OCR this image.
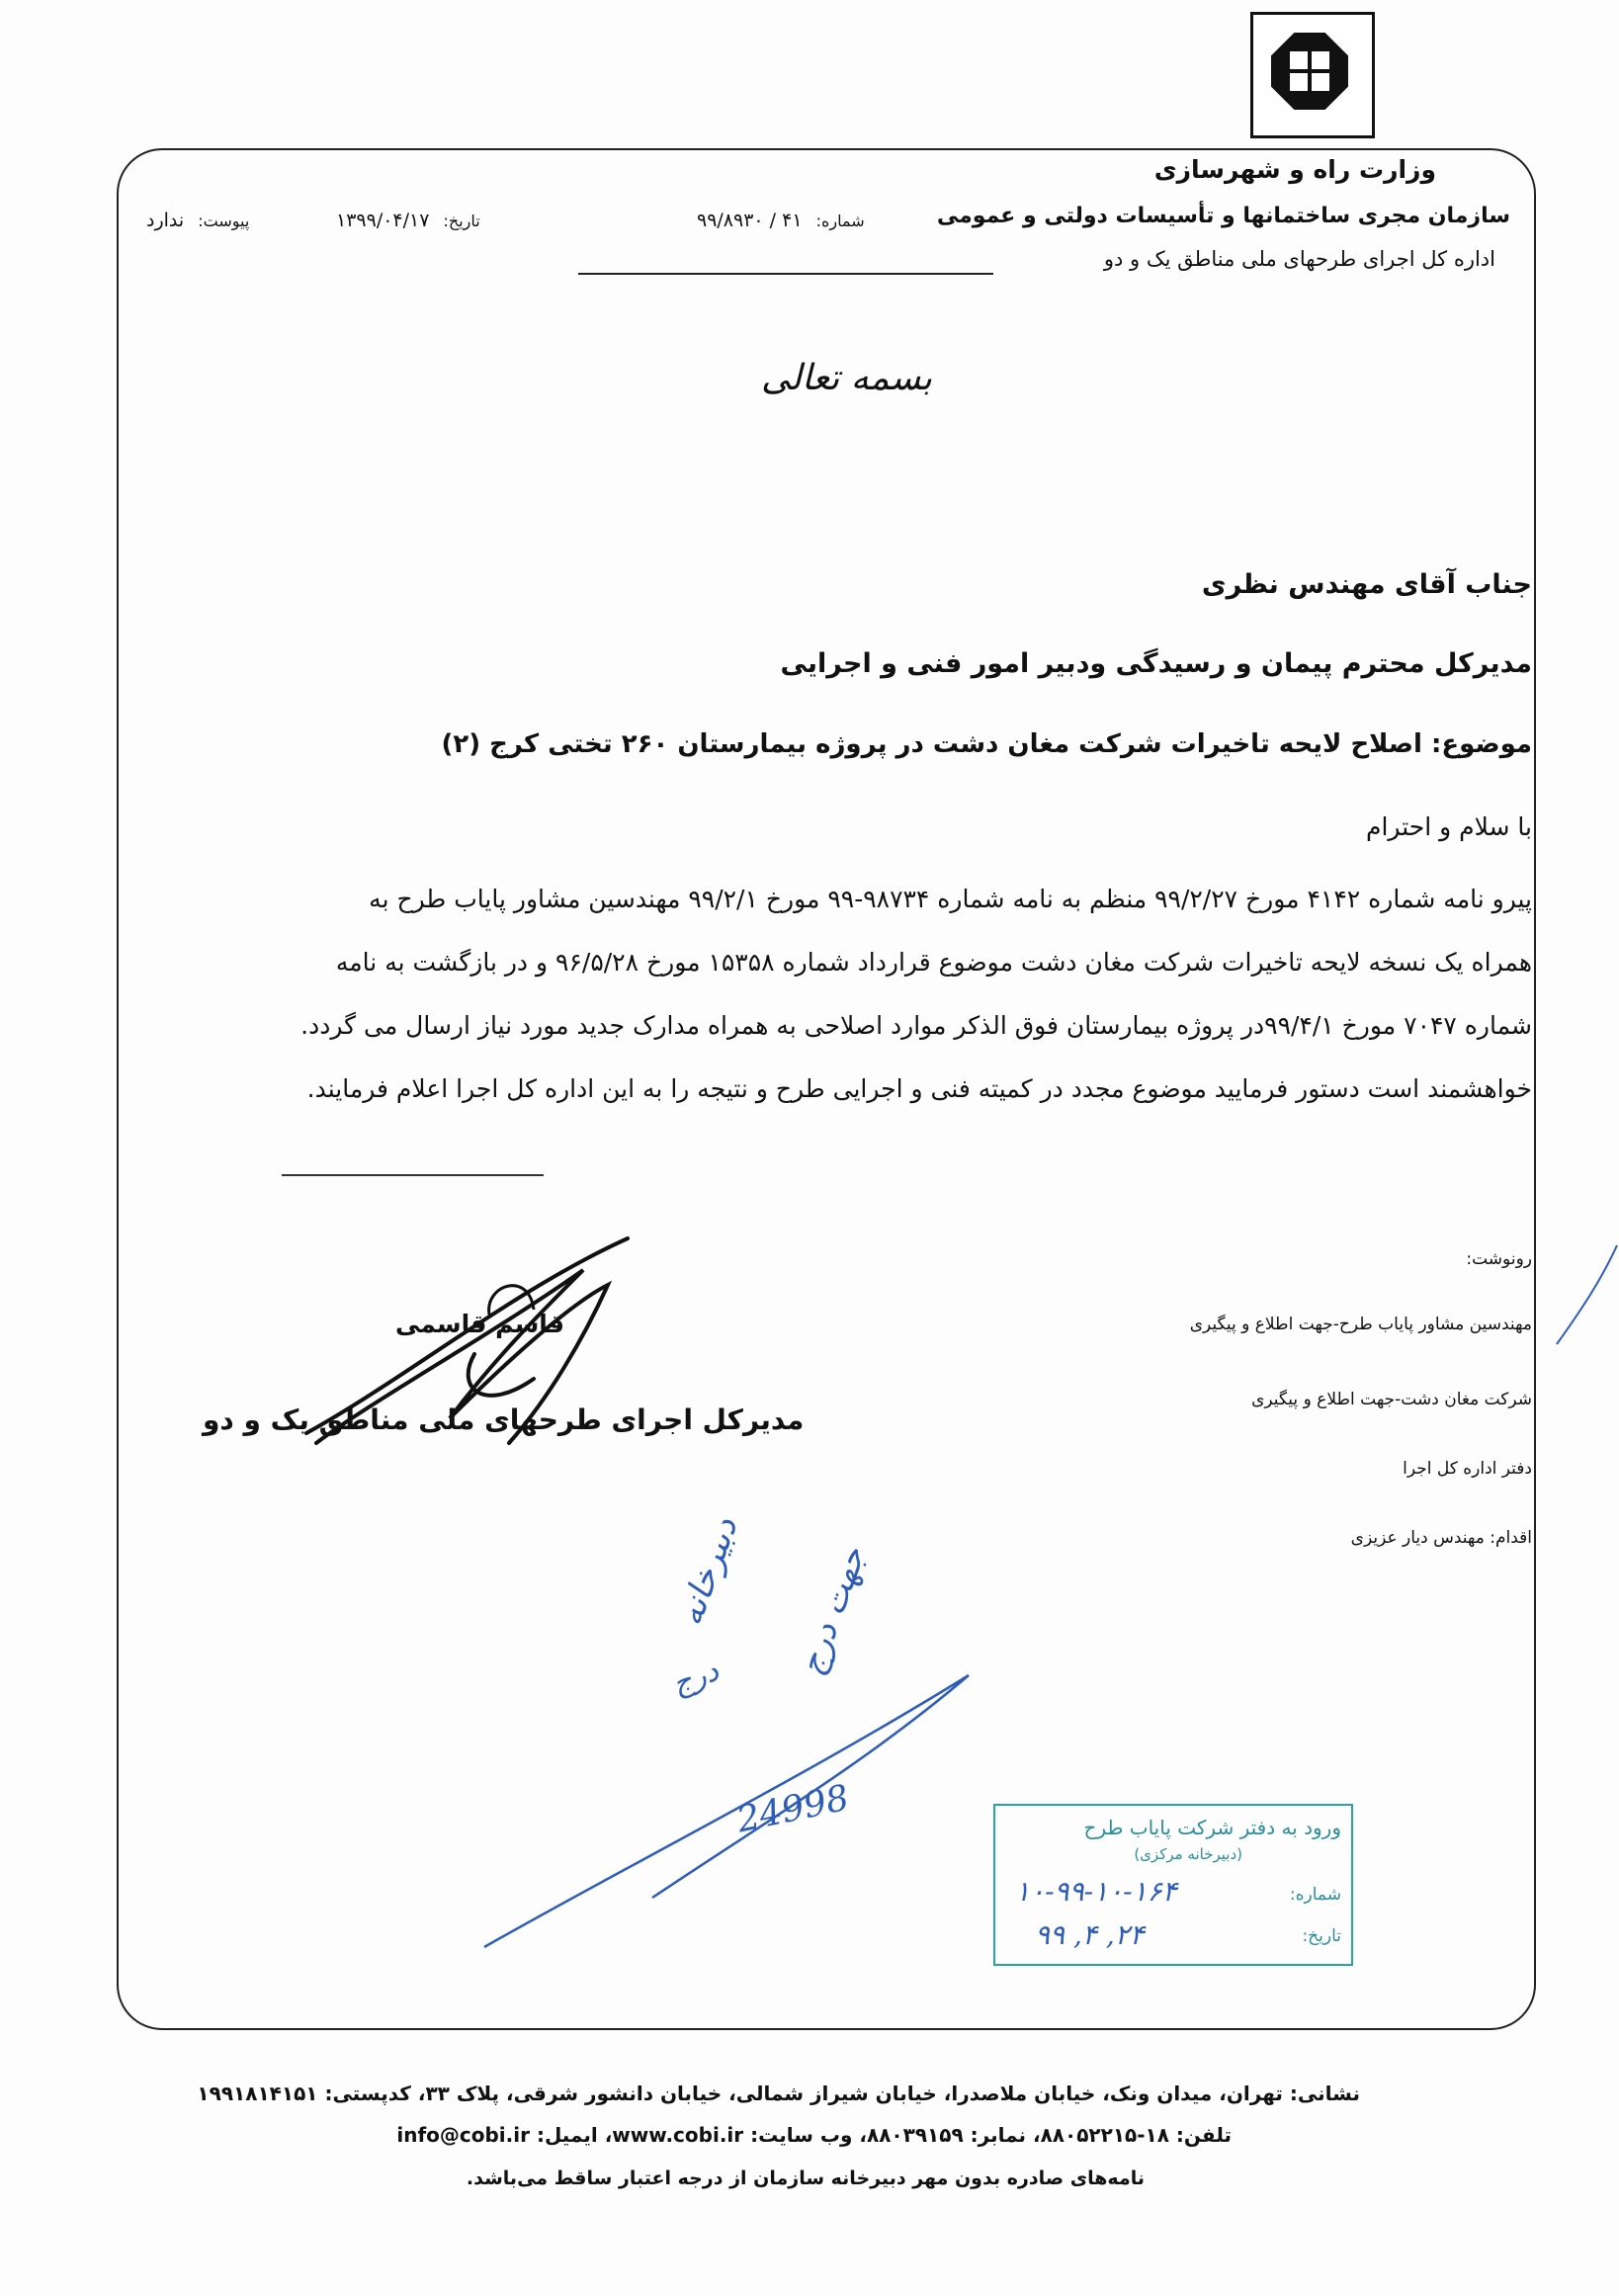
وزارت راه و شهرسازی
سازمان مجری ساختمانها و تأسیسات دولتی و عمومی
اداره کل اجرای طرحهای ملی مناطق یک و دو
شماره: ۴۱ / ۹۹/۸۹۳۰
تاریخ: ۱۳۹۹/۰۴/۱۷
پیوست: ندارد
بسمه تعالی
جناب آقای مهندس نظری
مدیرکل محترم پیمان و رسیدگی ودبیر امور فنی و اجرایی
موضوع: اصلاح لایحه تاخیرات شرکت مغان دشت در پروژه بیمارستان ۲۶۰ تختی کرج (۲)
با سلام و احترام
پیرو نامه شماره ۴۱۴۲ مورخ ۹۹/۲/۲۷ منظم به نامه شماره ۹۸۷۳۴-۹۹ مورخ ۹۹/۲/۱ مهندسین مشاور پایاب طرح به
همراه یک نسخه لایحه تاخیرات شرکت مغان دشت موضوع قرارداد شماره ۱۵۳۵۸ مورخ ۹۶/۵/۲۸ و در بازگشت به نامه
شماره ۷۰۴۷ مورخ ۹۹/۴/۱در پروژه بیمارستان فوق الذکر موارد اصلاحی به همراه مدارک جدید مورد نیاز ارسال می گردد.
خواهشمند است دستور فرمایید موضوع مجدد در کمیته فنی و اجرایی طرح و نتیجه را به این اداره کل اجرا اعلام فرمایند.
رونوشت:
مهندسین مشاور پایاب طرح-جهت اطلاع و پیگیری
شرکت مغان دشت-جهت اطلاع و پیگیری
دفتر اداره کل اجرا
اقدام: مهندس دیار عزیزی
قاسم قاسمی
مدیرکل اجرای طرحهای ملی مناطق یک و دو
دبیرخانه جهت درج
درج
24998	ورود به دفتر شرکت پایاب طرح
(دبیرخانه مرکزی)
شماره:
تاریخ:
۱۰-۹۹-۱۰-۱۶۴
۹۹ ,۴ ,۲۴
نشانی: تهران، میدان ونک، خیابان ملاصدرا، خیابان شیراز شمالی، خیابان دانشور شرقی، پلاک ۳۳، کدپستی: ۱۹۹۱۸۱۴۱۵۱
تلفن: ۱۸-۸۸۰۵۲۲۱۵، نمابر: ۸۸۰۳۹۱۵۹، وب سایت: www.cobi.ir، ایمیل: info@cobi.ir
نامه‌های صادره بدون مهر دبیرخانه سازمان از درجه اعتبار ساقط می‌باشد.
